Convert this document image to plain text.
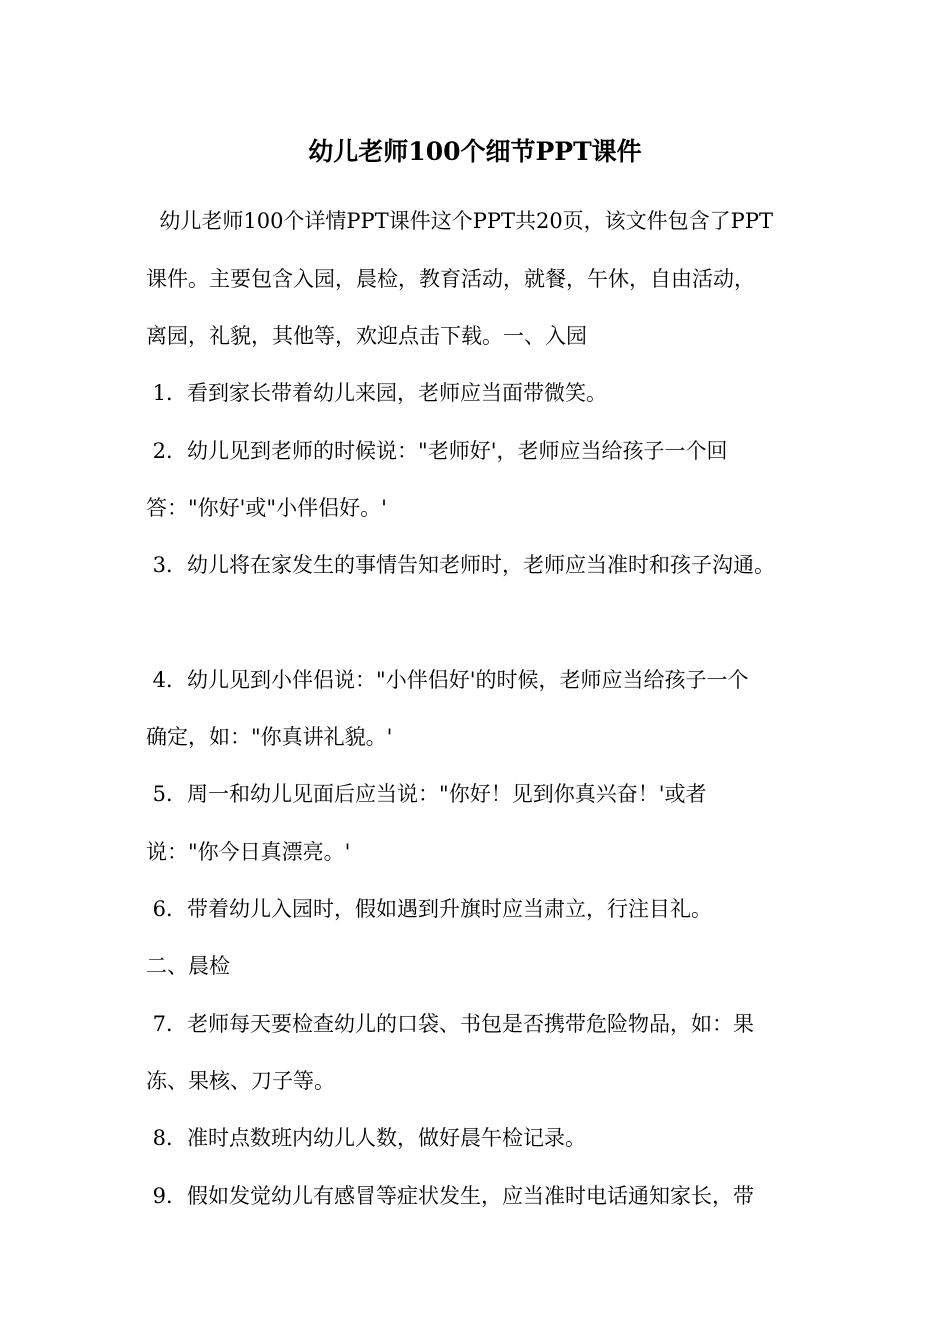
幼儿老师100个细节PPT课件
幼儿老师100个详情PPT课件这个PPT共20页，该文件包含了PPT
课件。主要包含入园，晨检，教育活动，就餐，午休，自由活动，
离园，礼貌，其他等，欢迎点击下载。一、入园
1．看到家长带着幼儿来园，老师应当面带微笑。
2．幼儿见到老师的时候说："老师好'，老师应当给孩子一个回
答："你好'或"小伴侣好。'
3．幼儿将在家发生的事情告知老师时，老师应当准时和孩子沟通。
4．幼儿见到小伴侣说："小伴侣好'的时候，老师应当给孩子一个
确定，如："你真讲礼貌。'
5．周一和幼儿见面后应当说："你好！见到你真兴奋！'或者
说："你今日真漂亮。'
6．带着幼儿入园时，假如遇到升旗时应当肃立，行注目礼。
二、晨检
7．老师每天要检查幼儿的口袋、书包是否携带危险物品，如：果
冻、果核、刀子等。
8．准时点数班内幼儿人数，做好晨午检记录。
9．假如发觉幼儿有感冒等症状发生，应当准时电话通知家长，带
